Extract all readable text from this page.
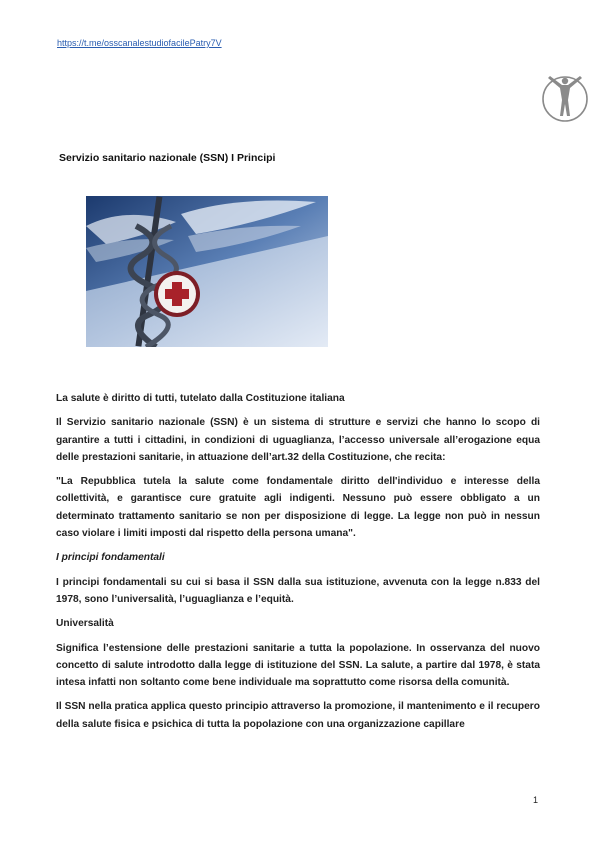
https://t.me/osscanalestudiofacilePatry7V
Servizio sanitario nazionale (SSN) I Principi

La salute è diritto di tutti, tutelato dalla Costituzione italiana

Il Servizio sanitario nazionale (SSN) è un sistema di strutture e servizi che hanno lo scopo di garantire a tutti i cittadini, in condizioni di uguaglianza, l’accesso universale all’erogazione equa delle prestazioni sanitarie, in attuazione dell’art.32 della Costituzione, che recita:

"La Repubblica tutela la salute come fondamentale diritto dell'individuo e interesse della collettività, e garantisce cure gratuite agli indigenti. Nessuno può essere obbligato a un determinato trattamento sanitario se non per disposizione di legge. La legge non può in nessun caso violare i limiti imposti dal rispetto della persona umana".

I principi fondamentali

I principi fondamentali su cui si basa il SSN dalla sua istituzione, avvenuta con la legge n.833 del 1978, sono l’universalità, l’uguaglianza e l’equità.

Universalità

Significa l’estensione delle prestazioni sanitarie a tutta la popolazione. In osservanza del nuovo concetto di salute introdotto dalla legge di istituzione del SSN. La salute, a partire dal 1978, è stata intesa infatti non soltanto come bene individuale ma soprattutto come risorsa della comunità.

Il SSN nella pratica applica questo principio attraverso la promozione, il mantenimento e il recupero della salute fisica e psichica di tutta la popolazione con una organizzazione capillare

1
